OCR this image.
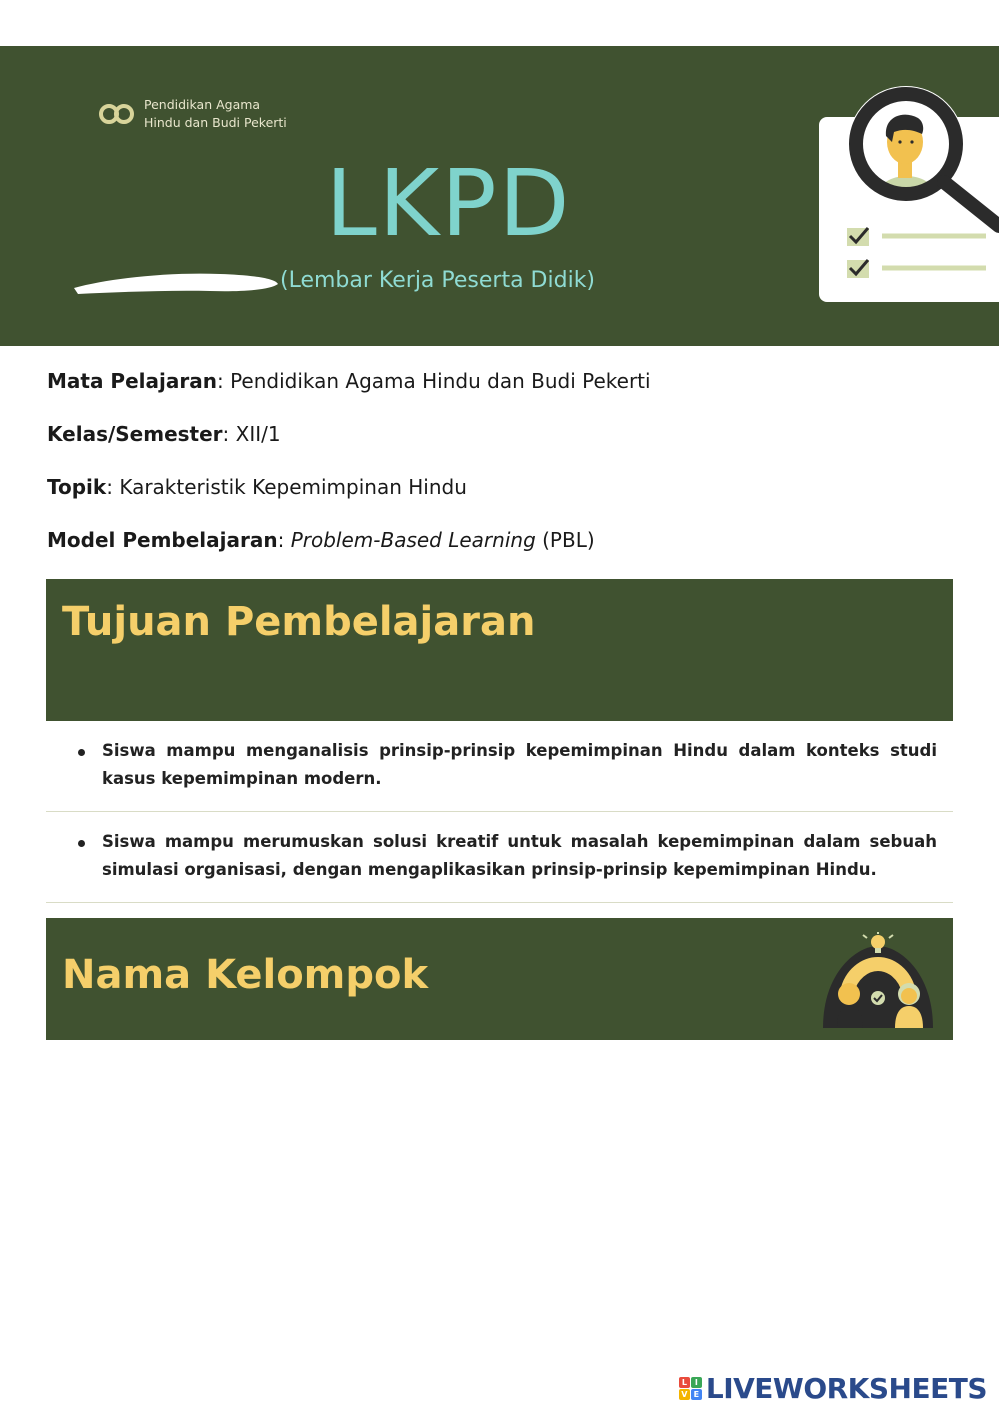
Pendidikan Agama
Hindu dan Budi Pekerti
LKPD
(Lembar Kerja Peserta Didik)
Mata Pelajaran: Pendidikan Agama Hindu dan Budi Pekerti
Kelas/Semester: XII/1
Topik: Karakteristik Kepemimpinan Hindu
Model Pembelajaran: Problem-Based Learning (PBL)
Tujuan Pembelajaran
Siswa mampu menganalisis prinsip-prinsip kepemimpinan Hindu dalam konteks studi kasus kepemimpinan modern.
Siswa mampu merumuskan solusi kreatif untuk masalah kepemimpinan dalam sebuah simulasi organisasi, dengan mengaplikasikan prinsip-prinsip kepemimpinan Hindu.
Nama Kelompok
L I
V E LIVEWORKSHEETS
